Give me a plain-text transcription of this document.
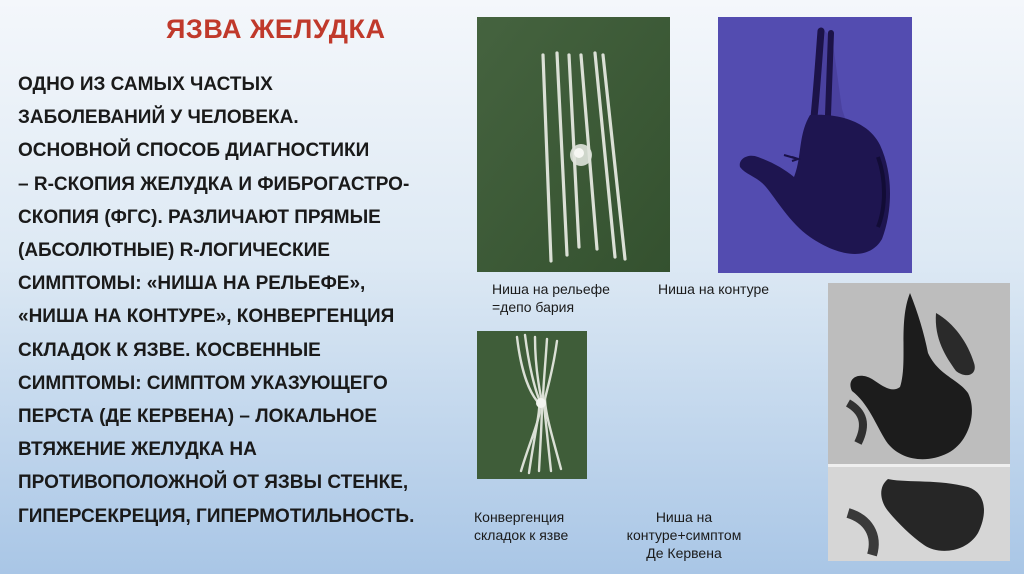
ЯЗВА ЖЕЛУДКА
ОДНО ИЗ САМЫХ ЧАСТЫХ
ЗАБОЛЕВАНИЙ У ЧЕЛОВЕКА.
ОСНОВНОЙ СПОСОБ ДИАГНОСТИКИ
– R-СКОПИЯ ЖЕЛУДКА И ФИБРОГАСТРО-
СКОПИЯ (ФГС). РАЗЛИЧАЮТ ПРЯМЫЕ
(АБСОЛЮТНЫЕ) R-ЛОГИЧЕСКИЕ
СИМПТОМЫ: «НИША НА РЕЛЬЕФЕ»,
«НИША НА КОНТУРЕ», КОНВЕРГЕНЦИЯ
СКЛАДОК К ЯЗВЕ. КОСВЕННЫЕ
СИМПТОМЫ: СИМПТОМ УКАЗУЮЩЕГО
ПЕРСТА (ДЕ КЕРВЕНА) – ЛОКАЛЬНОЕ
ВТЯЖЕНИЕ ЖЕЛУДКА НА
ПРОТИВОПОЛОЖНОЙ ОТ ЯЗВЫ СТЕНКЕ,
ГИПЕРСЕКРЕЦИЯ, ГИПЕРМОТИЛЬНОСТЬ.
Ниша на рельефе
=депо бария
Ниша на контуре
Конвергенция
складок к язве
Ниша на
контуре+симптом
Де Кервена
